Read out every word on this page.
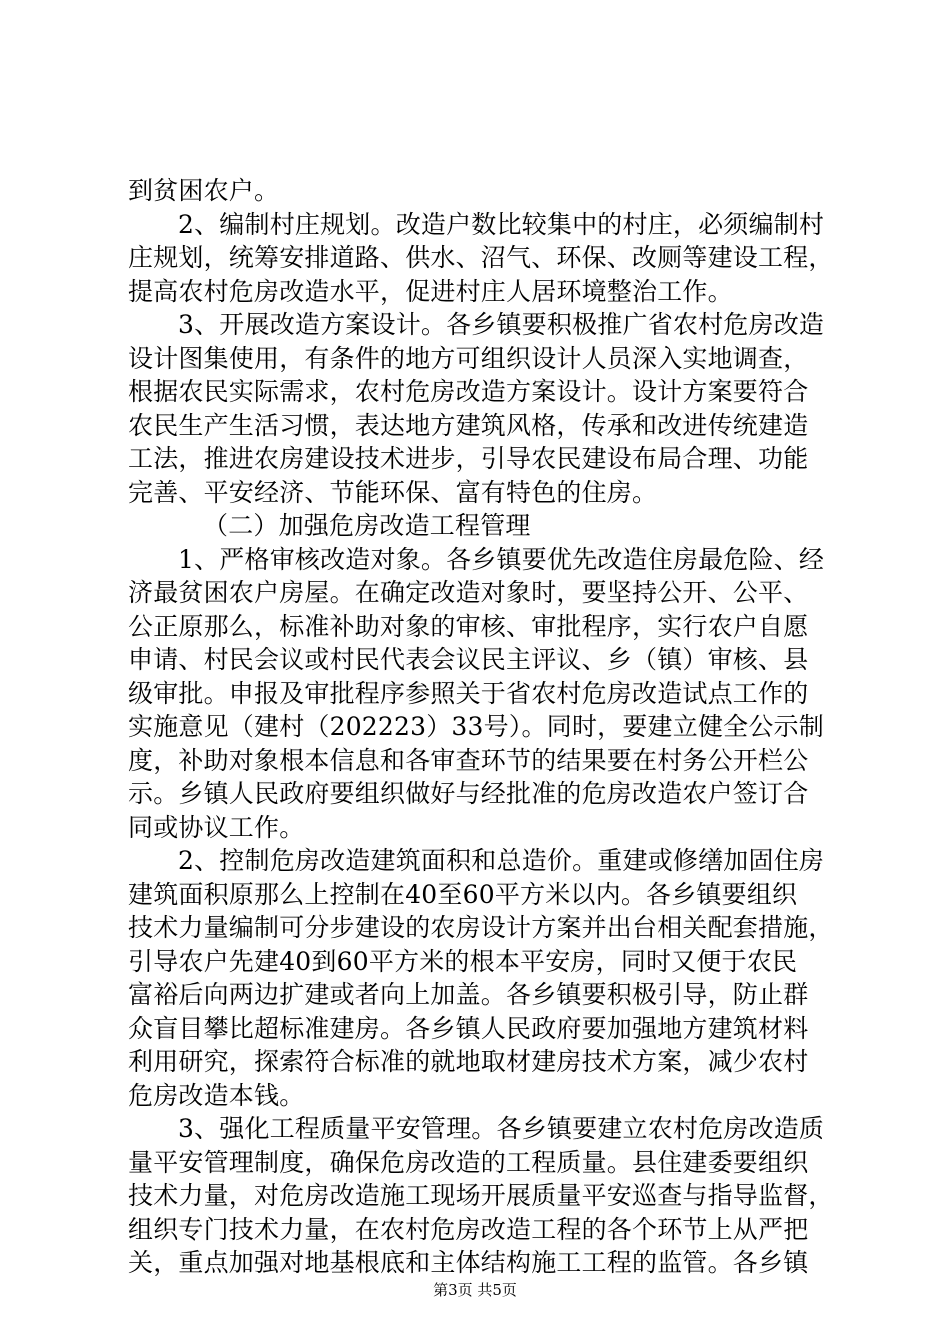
到贫困农户。
2、编制村庄规划。改造户数比较集中的村庄，必须编制村
庄规划，统筹安排道路、供水、沼气、环保、改厕等建设工程，
提高农村危房改造水平，促进村庄人居环境整治工作。
3、开展改造方案设计。各乡镇要积极推广省农村危房改造
设计图集使用，有条件的地方可组织设计人员深入实地调查，
根据农民实际需求，农村危房改造方案设计。设计方案要符合
农民生产生活习惯，表达地方建筑风格，传承和改进传统建造
工法，推进农房建设技术进步，引导农民建设布局合理、功能
完善、平安经济、节能环保、富有特色的住房。
（二）加强危房改造工程管理
1、严格审核改造对象。各乡镇要优先改造住房最危险、经
济最贫困农户房屋。在确定改造对象时，要坚持公开、公平、
公正原那么，标准补助对象的审核、审批程序，实行农户自愿
申请、村民会议或村民代表会议民主评议、乡（镇）审核、县
级审批。申报及审批程序参照关于省农村危房改造试点工作的
实施意见（建村（202223）33号）。同时，要建立健全公示制
度，补助对象根本信息和各审查环节的结果要在村务公开栏公
示。乡镇人民政府要组织做好与经批准的危房改造农户签订合
同或协议工作。
2、控制危房改造建筑面积和总造价。重建或修缮加固住房
建筑面积原那么上控制在40至60平方米以内。各乡镇要组织
技术力量编制可分步建设的农房设计方案并出台相关配套措施，
引导农户先建40到60平方米的根本平安房，同时又便于农民
富裕后向两边扩建或者向上加盖。各乡镇要积极引导，防止群
众盲目攀比超标准建房。各乡镇人民政府要加强地方建筑材料
利用研究，探索符合标准的就地取材建房技术方案，减少农村
危房改造本钱。
3、强化工程质量平安管理。各乡镇要建立农村危房改造质
量平安管理制度，确保危房改造的工程质量。县住建委要组织
技术力量，对危房改造施工现场开展质量平安巡查与指导监督，
组织专门技术力量，在农村危房改造工程的各个环节上从严把
关，重点加强对地基根底和主体结构施工工程的监管。各乡镇
第3页 共5页
